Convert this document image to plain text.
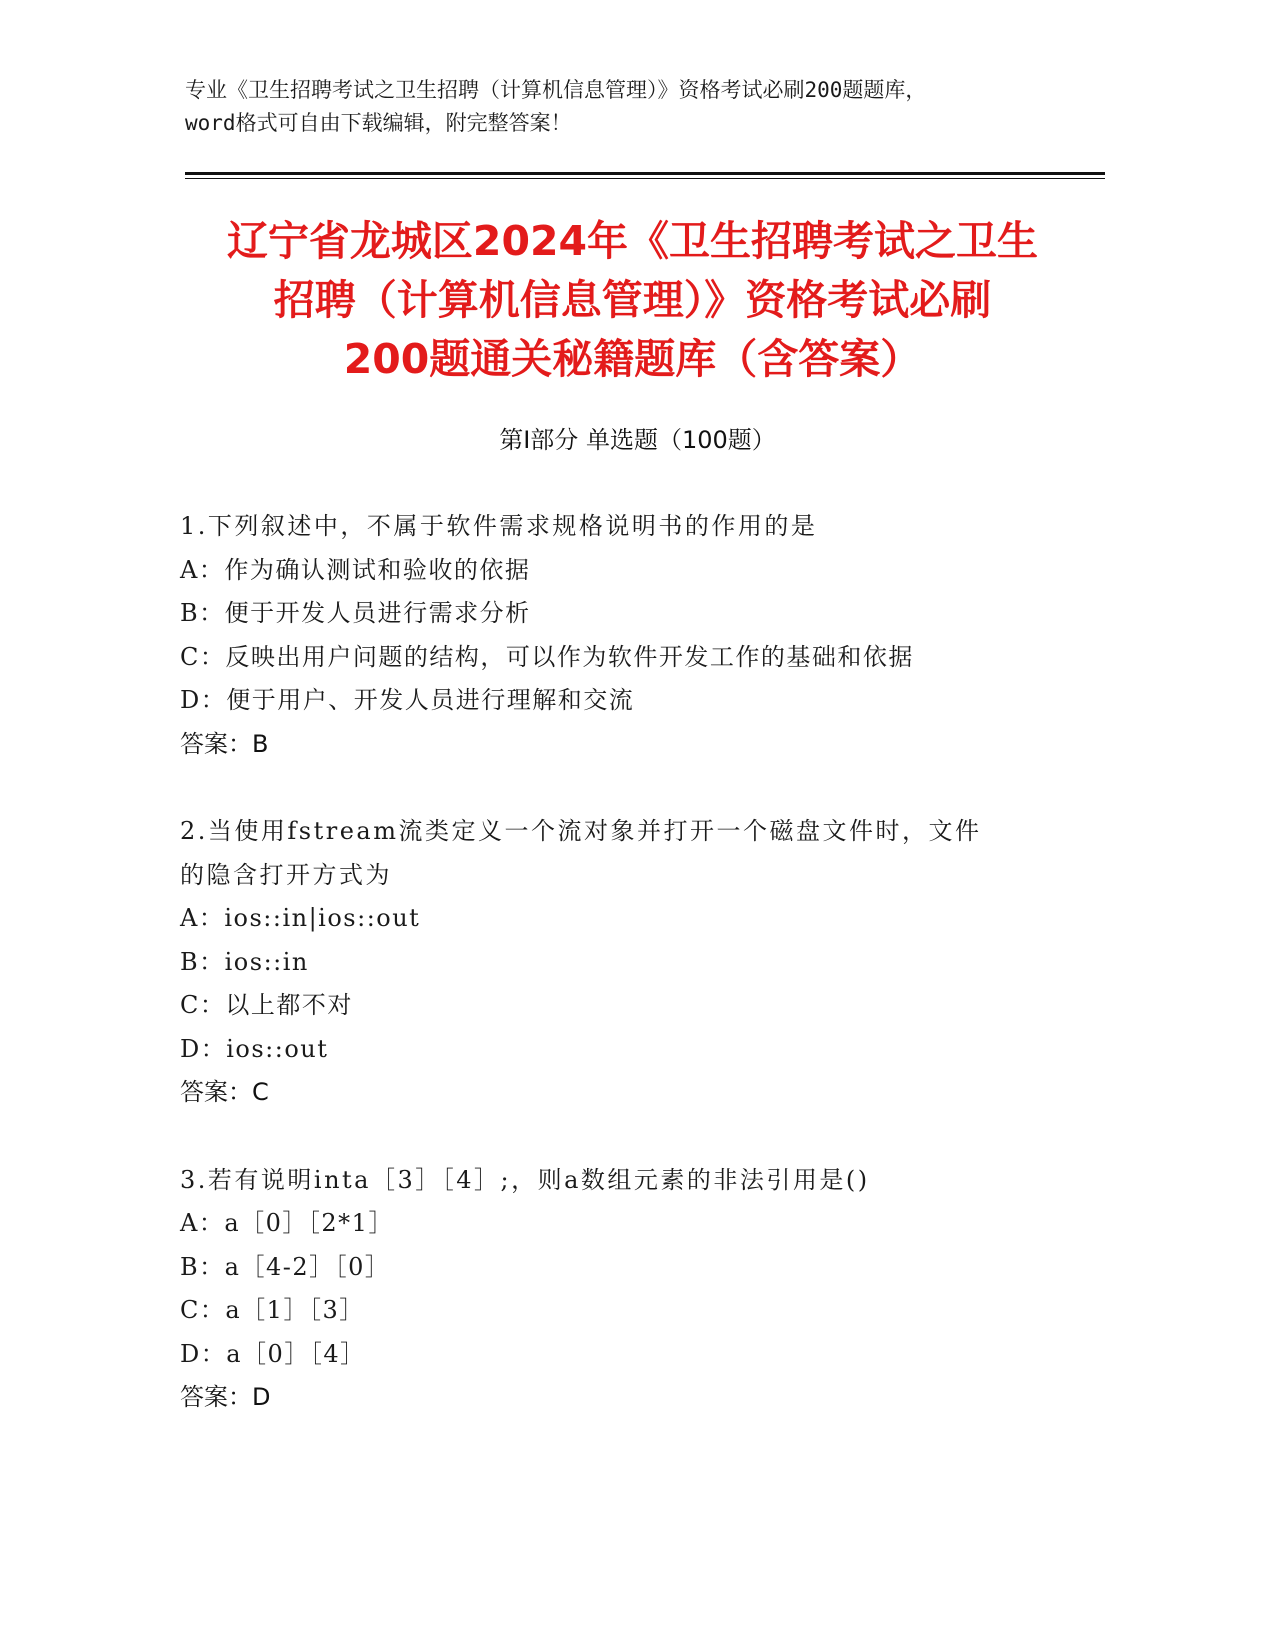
专业《卫生招聘考试之卫生招聘（计算机信息管理）》资格考试必刷200题题库，
word格式可自由下载编辑，附完整答案！
辽宁省龙城区2024年《卫生招聘考试之卫生
招聘（计算机信息管理）》资格考试必刷
200题通关秘籍题库（含答案）
第Ⅰ部分 单选题（100题）
1.下列叙述中，不属于软件需求规格说明书的作用的是
A：作为确认测试和验收的依据
B：便于开发人员进行需求分析
C：反映出用户问题的结构，可以作为软件开发工作的基础和依据
D：便于用户、开发人员进行理解和交流
答案：B
2.当使用fstream流类定义一个流对象并打开一个磁盘文件时，文件
的隐含打开方式为
A：ios::in|ios::out
B：ios::in
C：以上都不对
D：ios::out
答案：C
3.若有说明inta［3］［4］;，则a数组元素的非法引用是()
A：a［0］［2*1］
B：a［4-2］［0］
C：a［1］［3］
D：a［0］［4］
答案：D
